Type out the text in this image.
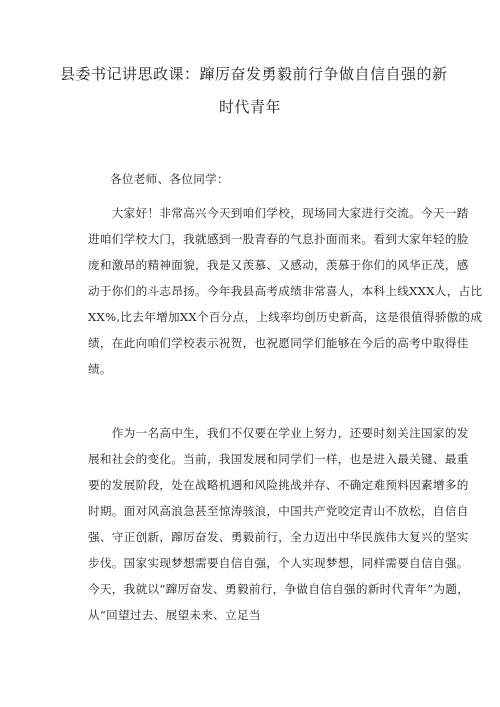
县委书记讲思政课：蹿厉奋发勇毅前行争做自信自强的新
时代青年
各位老师、各位同学：
　　大家好！非常高兴今天到咱们学校，现场同大家进行交流。今天一踏
进咱们学校大门，我就感到一股青春的气息扑面而来。看到大家年轻的脸
庞和激昂的精神面貌，我是又羡慕、又感动，羡慕于你们的风华正茂，感
动于你们的斗志昂扬。今年我县高考成绩非常喜人，本科上线XXX人，占比
XX%,比去年增加XX个百分点，上线率均创历史新高，这是很值得骄傲的成
绩，在此向咱们学校表示祝贺，也祝愿同学们能够在今后的高考中取得佳
绩。
　　作为一名高中生，我们不仅要在学业上努力，还要时刻关注国家的发
展和社会的变化。当前，我国发展和同学们一样，也是进入最关键、最重
要的发展阶段，处在战略机遇和风险挑战并存、不确定难预料因素增多的
时期。面对风高浪急甚至惊涛骇浪，中国共产党咬定青山不放松，自信自
强、守正创新，蹿厉奋发、勇毅前行，全力迈出中华民族伟大复兴的坚实
步伐。国家实现梦想需要自信自强，个人实现梦想，同样需要自信自强。
今天，我就以“蹿厉奋发、勇毅前行，争做自信自强的新时代青年”为题，
从“回望过去、展望未来、立足当
